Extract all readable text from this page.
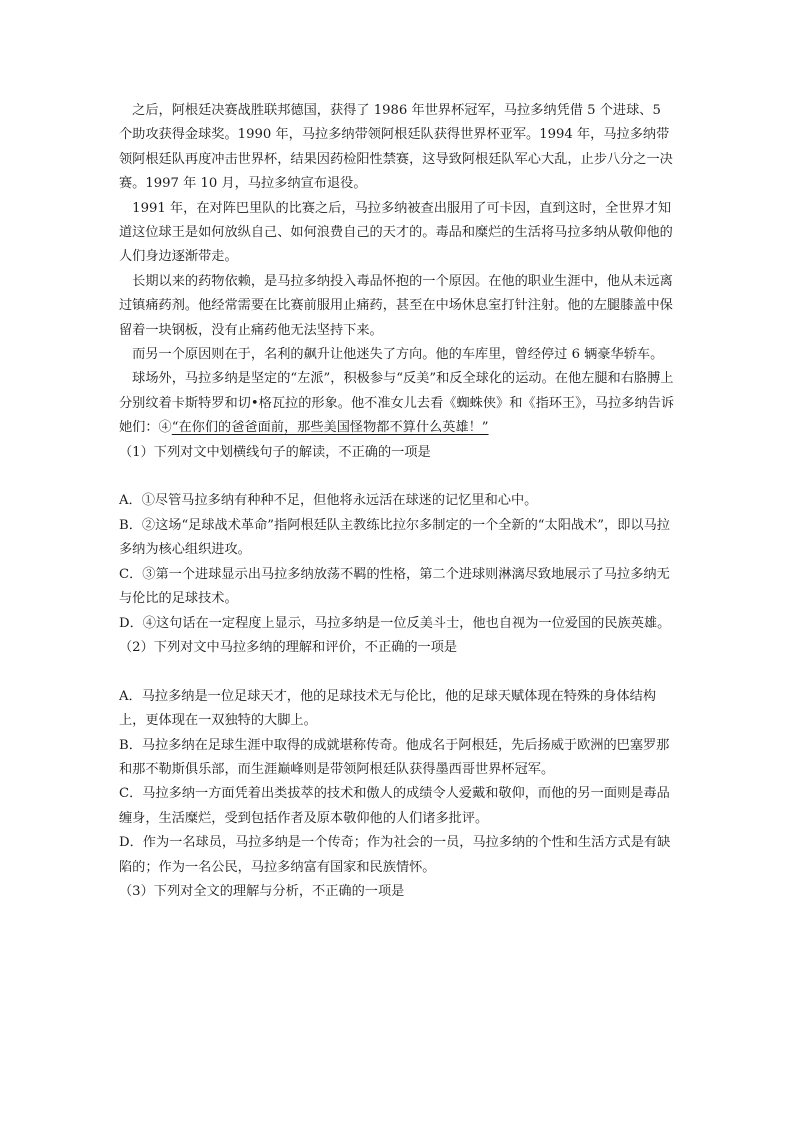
　之后，阿根廷决赛战胜联邦德国，获得了 1986 年世界杯冠军，马拉多纳凭借 5 个进球、5 个助攻获得金球奖。1990 年，马拉多纳带领阿根廷队获得世界杯亚军。1994 年，马拉多纳带领阿根廷队再度冲击世界杯，结果因药检阳性禁赛，这导致阿根廷队军心大乱，止步八分之一决赛。1997 年 10 月，马拉多纳宣布退役。

　1991 年，在对阵巴里队的比赛之后，马拉多纳被查出服用了可卡因，直到这时，全世界才知道这位球王是如何放纵自己、如何浪费自己的天才的。毒品和糜烂的生活将马拉多纳从敬仰他的人们身边逐渐带走。

　长期以来的药物依赖，是马拉多纳投入毒品怀抱的一个原因。在他的职业生涯中，他从未远离过镇痛药剂。他经常需要在比赛前服用止痛药，甚至在中场休息室打针注射。他的左腿膝盖中保留着一块钢板，没有止痛药他无法坚持下来。

　而另一个原因则在于，名利的飙升让他迷失了方向。他的车库里，曾经停过 6 辆豪华轿车。

　球场外，马拉多纳是坚定的“左派”，积极参与“反美”和反全球化的运动。在他左腿和右胳膊上分别纹着卡斯特罗和切•格瓦拉的形象。他不准女儿去看《蜘蛛侠》和《指环王》，马拉多纳告诉她们：④“在你们的爸爸面前，那些美国怪物都不算什么英雄！”

（1）下列对文中划横线句子的解读，不正确的一项是

A．①尽管马拉多纳有种种不足，但他将永远活在球迷的记忆里和心中。

B．②这场“足球战术革命”指阿根廷队主教练比拉尔多制定的一个全新的“太阳战术”，即以马拉多纳为核心组织进攻。

C．③第一个进球显示出马拉多纳放荡不羁的性格，第二个进球则淋漓尽致地展示了马拉多纳无与伦比的足球技术。

D．④这句话在一定程度上显示，马拉多纳是一位反美斗士，他也自视为一位爱国的民族英雄。

（2）下列对文中马拉多纳的理解和评价，不正确的一项是

A．马拉多纳是一位足球天才，他的足球技术无与伦比，他的足球天赋体现在特殊的身体结构上，更体现在一双独特的大脚上。

B．马拉多纳在足球生涯中取得的成就堪称传奇。他成名于阿根廷，先后扬威于欧洲的巴塞罗那和那不勒斯俱乐部，而生涯巅峰则是带领阿根廷队获得墨西哥世界杯冠军。

C．马拉多纳一方面凭着出类拔萃的技术和傲人的成绩令人爱戴和敬仰，而他的另一面则是毒品缠身，生活糜烂，受到包括作者及原本敬仰他的人们诸多批评。

D．作为一名球员，马拉多纳是一个传奇；作为社会的一员，马拉多纳的个性和生活方式是有缺陷的；作为一名公民，马拉多纳富有国家和民族情怀。

（3）下列对全文的理解与分析，不正确的一项是
